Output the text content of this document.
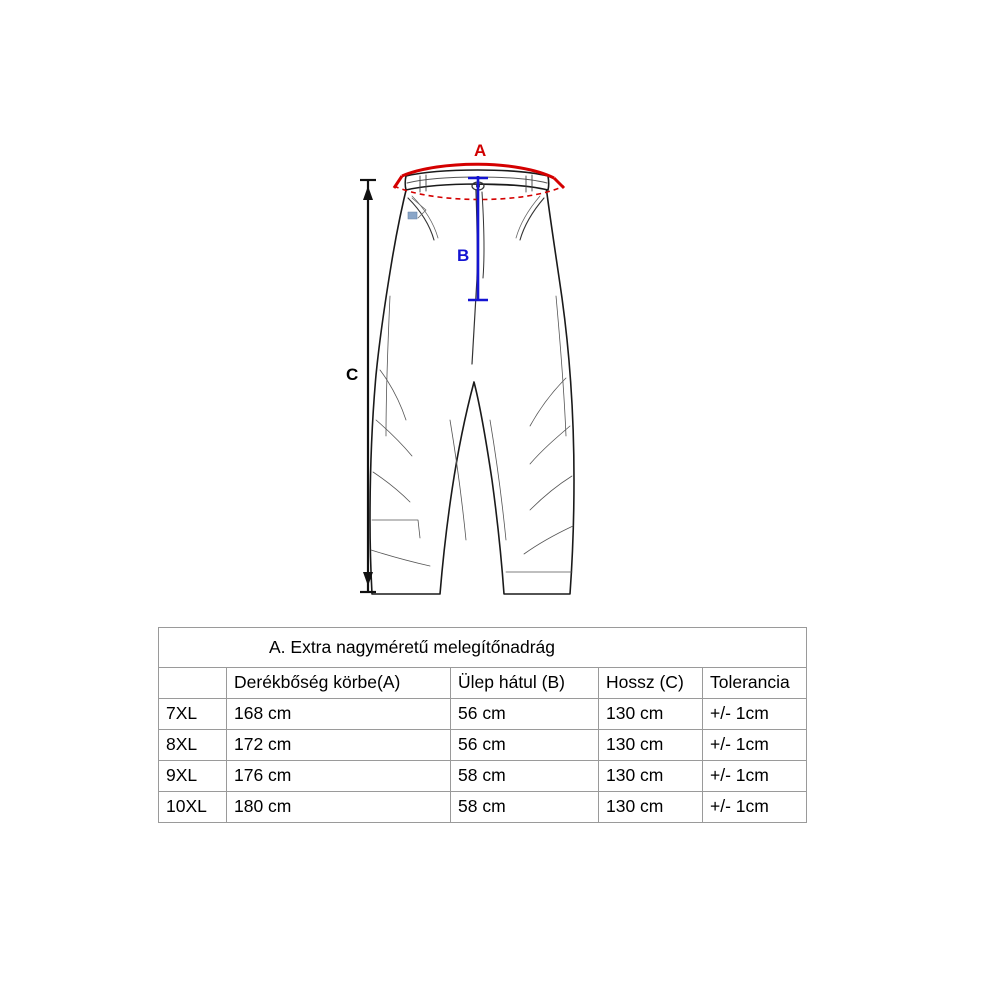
A
B
C
A. Extra nagyméretű melegítőnadrág				
	Derékbőség körbe(A)	Ülep hátul (B)	Hossz (C)	Tolerancia
7XL	168 cm	56 cm	130 cm	+/- 1cm
8XL	172 cm	56 cm	130 cm	+/- 1cm
9XL	176 cm	58 cm	130 cm	+/- 1cm
10XL	180 cm	58 cm	130 cm	+/- 1cm
